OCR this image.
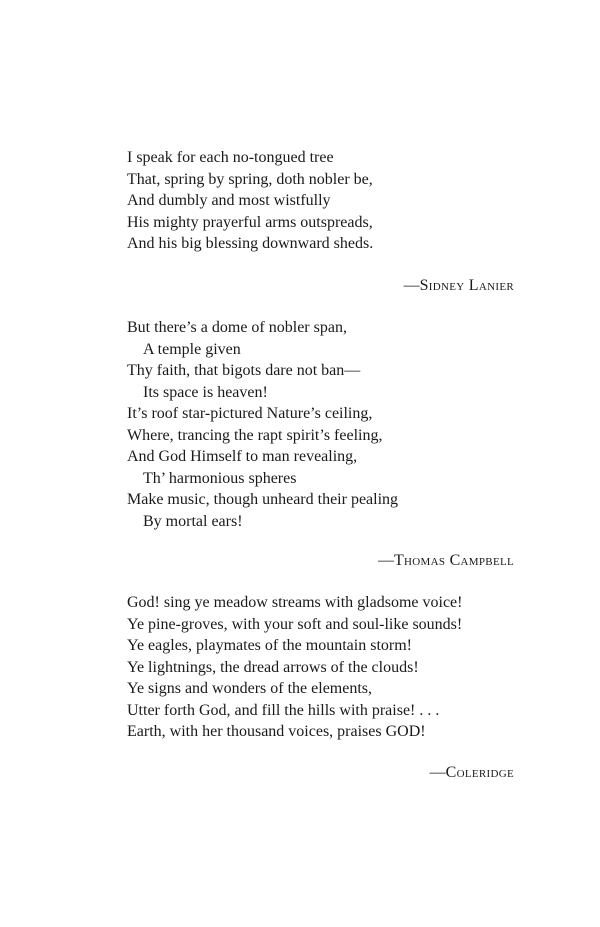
I speak for each no-tongued tree
That, spring by spring, doth nobler be,
And dumbly and most wistfully
His mighty prayerful arms outspreads,
And his big blessing downward sheds.
—Sidney Lanier
But there’s a dome of nobler span,
A temple given
Thy faith, that bigots dare not ban—
Its space is heaven!
It’s roof star-pictured Nature’s ceiling,
Where, trancing the rapt spirit’s feeling,
And God Himself to man revealing,
Th’ harmonious spheres
Make music, though unheard their pealing
By mortal ears!
—Thomas Campbell
God! sing ye meadow streams with gladsome voice!
Ye pine-groves, with your soft and soul-like sounds!
Ye eagles, playmates of the mountain storm!
Ye lightnings, the dread arrows of the clouds!
Ye signs and wonders of the elements,
Utter forth God, and fill the hills with praise! . . .
Earth, with her thousand voices, praises GOD!
—Coleridge
